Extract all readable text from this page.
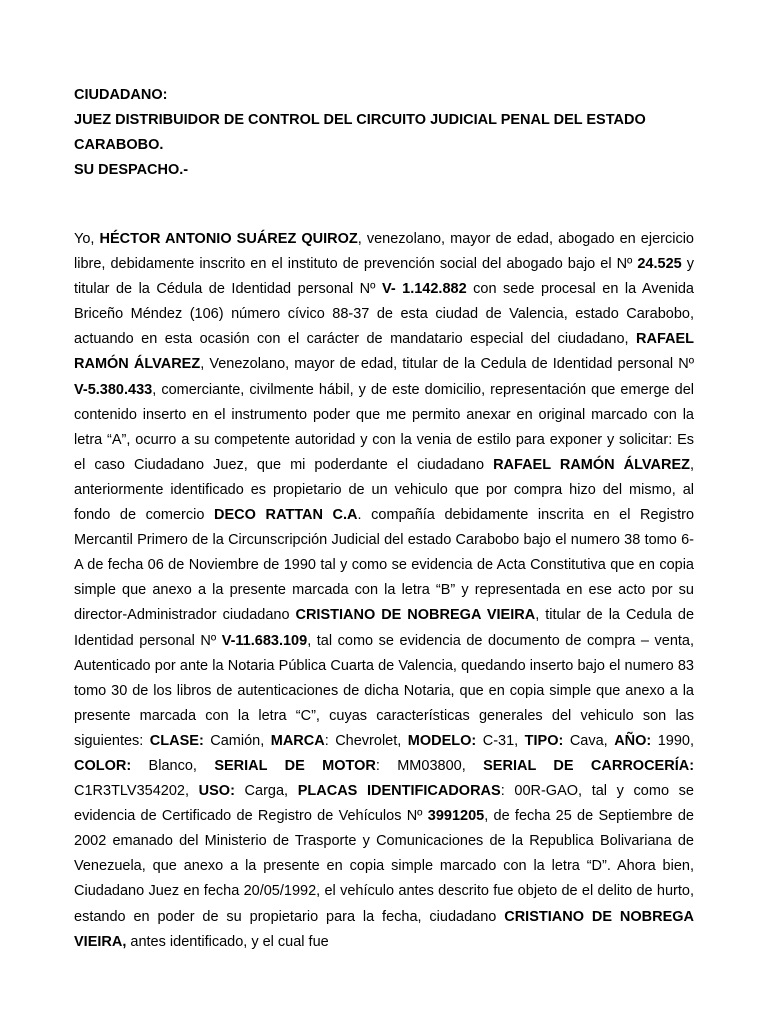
CIUDADANO:

JUEZ DISTRIBUIDOR DE CONTROL DEL CIRCUITO JUDICIAL PENAL DEL ESTADO

CARABOBO.

SU DESPACHO.-

Yo, HÉCTOR ANTONIO SUÁREZ QUIROZ, venezolano, mayor de edad, abogado en ejercicio libre, debidamente inscrito en el instituto de prevención social del abogado bajo el Nº 24.525 y titular de la Cédula de Identidad personal Nº V- 1.142.882 con sede procesal en la Avenida Briceño Méndez (106) número cívico 88-37 de esta ciudad de Valencia, estado Carabobo, actuando en esta ocasión con el carácter de mandatario especial del ciudadano, RAFAEL RAMÓN ÁLVAREZ, Venezolano, mayor de edad, titular de la Cedula de Identidad personal Nº V-5.380.433, comerciante, civilmente hábil, y de este domicilio, representación que emerge del contenido inserto en el instrumento poder que me permito anexar en original marcado con la letra “A”, ocurro a su competente autoridad y con la venia de estilo para exponer y solicitar: Es el caso Ciudadano Juez, que mi poderdante el ciudadano RAFAEL RAMÓN ÁLVAREZ, anteriormente identificado es propietario de un vehiculo que por compra hizo del mismo, al fondo de comercio DECO RATTAN C.A. compañía debidamente inscrita en el Registro Mercantil Primero de la Circunscripción Judicial del estado Carabobo bajo el numero 38 tomo 6-A de fecha 06 de Noviembre de 1990 tal y como se evidencia de Acta Constitutiva que en copia simple que anexo a la presente marcada con la letra “B” y representada en ese acto por su director-Administrador ciudadano CRISTIANO DE NOBREGA VIEIRA, titular de la Cedula de Identidad personal Nº V-11.683.109, tal como se evidencia de documento de compra – venta, Autenticado por ante la Notaria Pública Cuarta de Valencia, quedando inserto bajo el numero 83 tomo 30 de los libros de autenticaciones de dicha Notaria, que en copia simple que anexo a la presente marcada con la letra “C”, cuyas características generales del vehiculo son las siguientes: CLASE: Camión, MARCA: Chevrolet, MODELO: C-31, TIPO: Cava, AÑO: 1990, COLOR: Blanco, SERIAL DE MOTOR: MM03800, SERIAL DE CARROCERÍA: C1R3TLV354202, USO: Carga, PLACAS IDENTIFICADORAS: 00R-GAO, tal y como se evidencia de Certificado de Registro de Vehículos Nº 3991205, de fecha 25 de Septiembre de 2002 emanado del Ministerio de Trasporte y Comunicaciones de la Republica Bolivariana de Venezuela, que anexo a la presente en copia simple marcado con la letra “D”. Ahora bien, Ciudadano Juez en fecha 20/05/1992, el vehículo antes descrito fue objeto de el delito de hurto, estando en poder de su propietario para la fecha, ciudadano CRISTIANO DE NOBREGA VIEIRA, antes identificado, y el cual fue
